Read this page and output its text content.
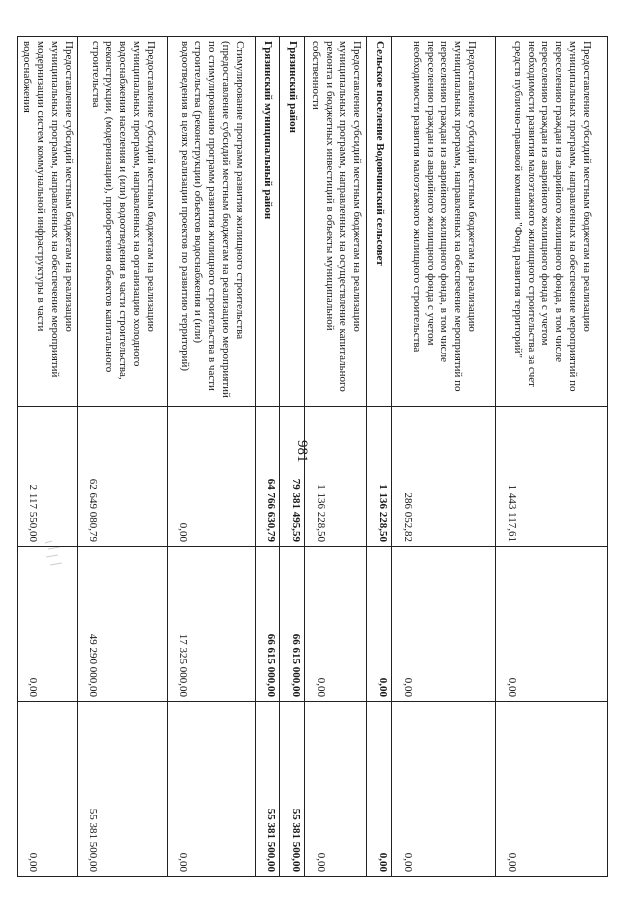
981
Предоставление субсидий местным бюджетам на реализацию муниципальных программ, направленных на обеспечение мероприятий по переселению граждан из аварийного жилищного фонда, в том числе переселению граждан из аварийного жилищного фонда с учетом необходимости развития малоэтажного жилищного строительства за счет средств публично-правовой компании "Фонд развития территорий"	1 443 117,61	0,00	0,00
Предоставление субсидий местным бюджетам на реализацию муниципальных программ, направленных на обеспечение мероприятий по переселению граждан из аварийного жилищного фонда, в том числе переселению граждан из аварийного жилищного фонда с учетом необходимости развития малоэтажного жилищного строительства	286 052,82	0,00	0,00
Сельское поселение Водовчинский сельсовет	1 136 228,50	0,00	0,00
Предоставление субсидий местным бюджетам на реализацию муниципальных программ, направленных на осуществление капитального ремонта и бюджетных инвестиций в объекты муниципальной собственности	1 136 228,50	0,00	0,00
Грязинский район	79 381 495,59	66 615 000,00	55 381 500,00
Грязинский муниципальный район	64 766 630,79	66 615 000,00	55 381 500,00
Стимулирование программ развития жилищного строительства (предоставление субсидий местным бюджетам на реализацию мероприятий по стимулированию программ развития жилищного строительства в части строительства (реконструкции) объектов водоснабжения и (или) водоотведения в целях реализации проектов по развитию территорий)	0,00	17 325 000,00	0,00
Предоставление субсидий местным бюджетам на реализацию муниципальных программ, направленных на организацию холодного водоснабжения населения и (или) водоотведения в части строительства, реконструкции, (модернизации), приобретения объектов капитального строительства	62 649 080,79	49 290 000,00	55 381 500,00
Предоставление субсидий местным бюджетам на реализацию муниципальных программ, направленных на обеспечение мероприятий модернизации систем коммунальной инфраструктуры в части водоснабжения	2 117 550,00	0,00	0,00
